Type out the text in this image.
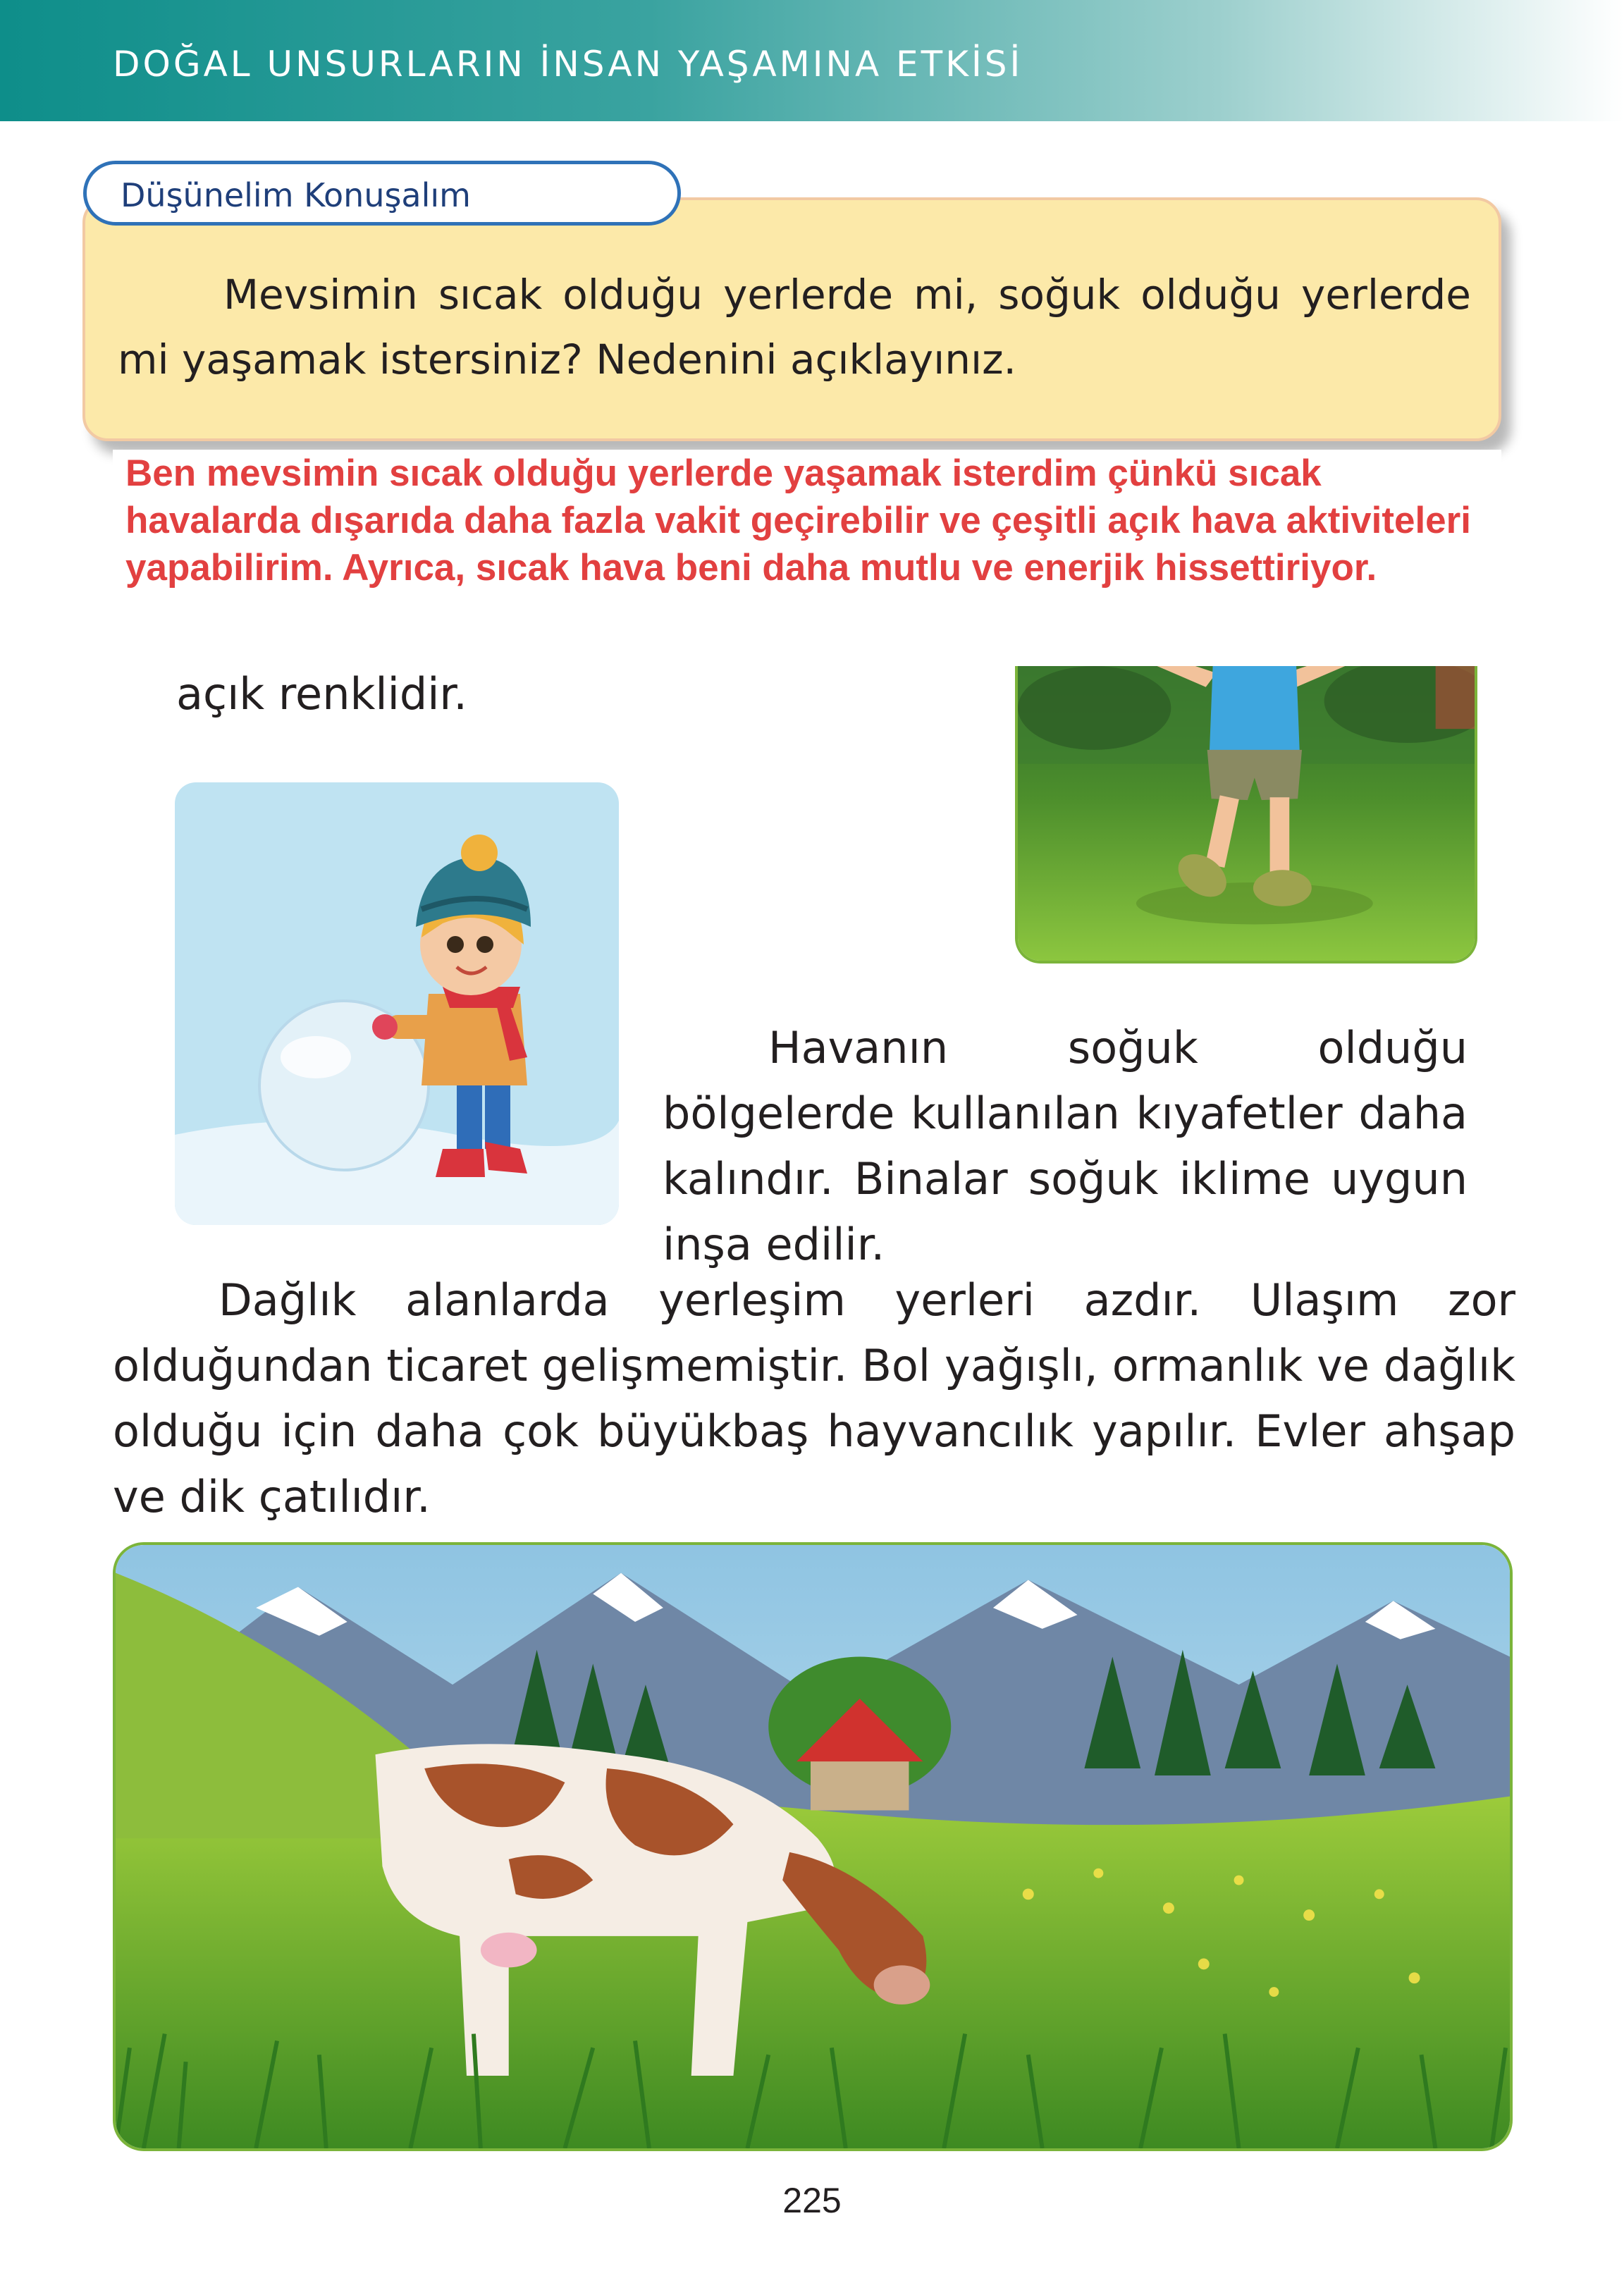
DOĞAL UNSURLARIN İNSAN YAŞAMINA ETKİSİ
Düşünelim Konuşalım
Mevsimin sıcak olduğu yerlerde mi, soğuk olduğu yerlerde mi yaşamak istersiniz? Nedenini açıklayınız.
Ben mevsimin sıcak olduğu yerlerde yaşamak isterdim çünkü sıcak havalarda dışarıda daha fazla vakit geçirebilir ve çeşitli açık hava aktiviteleri yapabilirim. Ayrıca, sıcak hava beni daha mutlu ve enerjik hissettiriyor.
açık renklidir.
Havanın soğuk olduğu bölgelerde kullanılan kıyafetler daha kalındır. Binalar soğuk iklime uygun inşa edilir.
Dağlık alanlarda yerleşim yerleri azdır. Ulaşım zor olduğundan ticaret gelişmemiştir. Bol yağışlı, ormanlık ve dağlık olduğu için daha çok büyükbaş hayvancılık yapılır. Evler ahşap ve dik çatılıdır.
225
